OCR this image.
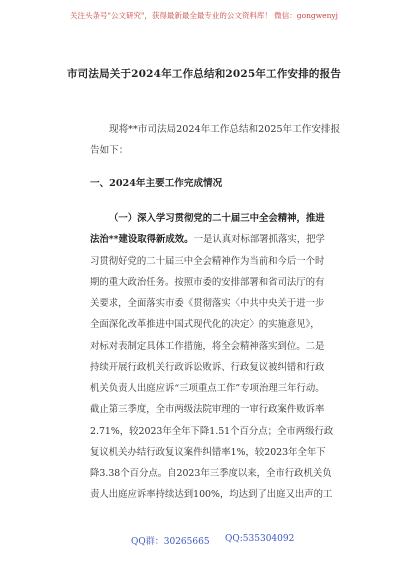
关注头条号"公文研究"，获得最新最全最专业的公文资料库！ 微信：gongwenyj
市司法局关于2024年工作总结和2025年工作安排的报告
现将**市司法局2024年工作总结和2025年工作安排报
告如下：
一、2024年主要工作完成情况
（一）深入学习贯彻党的二十届三中全会精神，推进
法治**建设取得新成效。一是认真对标部署抓落实，把学
习贯彻好党的二十届三中全会精神作为当前和今后一个时
期的重大政治任务。按照市委的安排部署和省司法厅的有
关要求，全面落实市委《贯彻落实〈中共中央关于进一步
全面深化改革推进中国式现代化的决定〉的实施意见》，
对标对表制定具体工作措施，将全会精神落实到位。二是
持续开展行政机关行政诉讼败诉、行政复议被纠错和行政
机关负责人出庭应诉“三项重点工作”专项治理三年行动。
截止第三季度，全市两级法院审理的一审行政案件败诉率
2.71%，较2023年全年下降1.51个百分点；全市两级行政
复议机关办结行政复议案件纠错率1%，较2023年全年下
降3.38个百分点。自2023年三季度以来，全市行政机关负
责人出庭应诉率持续达到100%，均达到了出庭又出声的工
QQ群：30265665 QQ:535304092
